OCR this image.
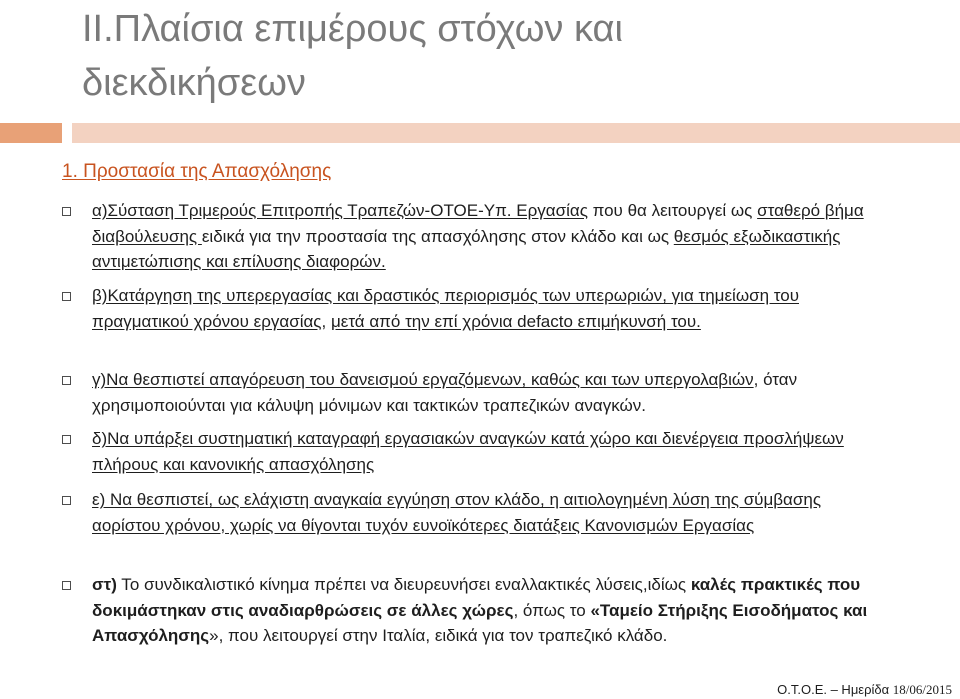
II.Πλαίσια επιμέρους στόχων και
διεκδικήσεων
1. Προστασία της Απασχόλησης
α)Σύσταση Τριμερούς Επιτροπής Τραπεζών-ΟΤΟΕ-Υπ. Εργασίας που θα λειτουργεί ως σταθερό βήμα διαβούλευσης ειδικά για την προστασία της απασχόλησης στον κλάδο και ως θεσμός εξωδικαστικής αντιμετώπισης και επίλυσης διαφορών.
β)Κατάργηση της υπερεργασίας και δραστικός περιορισμός των υπερωριών, για τημείωση του πραγματικού χρόνου εργασίας, μετά από την επί χρόνια defacto επιμήκυνσή του.
γ)Να θεσπιστεί απαγόρευση του δανεισμού εργαζόμενων, καθώς και των υπεργολαβιών, όταν χρησιμοποιούνται για κάλυψη μόνιμων και τακτικών τραπεζικών αναγκών.
δ)Να υπάρξει συστηματική καταγραφή εργασιακών αναγκών κατά χώρο και διενέργεια προσλήψεων πλήρους και κανονικής απασχόλησης
ε) Να θεσπιστεί, ως ελάχιστη αναγκαία εγγύηση στον κλάδο, η αιτιολογημένη λύση της σύμβασης αορίστου χρόνου, χωρίς να θίγονται τυχόν ευνοϊκότερες διατάξεις Κανονισμών Εργασίας
στ) Το συνδικαλιστικό κίνημα πρέπει να διευρευνήσει εναλλακτικές λύσεις,ιδίως καλές πρακτικές που δοκιμάστηκαν στις αναδιαρθρώσεις σε άλλες χώρες, όπως το «Ταμείο Στήριξης Εισοδήματος και Απασχόλησης», που λειτουργεί στην Ιταλία, ειδικά για τον τραπεζικό κλάδο.
Ο.Τ.Ο.Ε. – Ημερίδα 18/06/2015
